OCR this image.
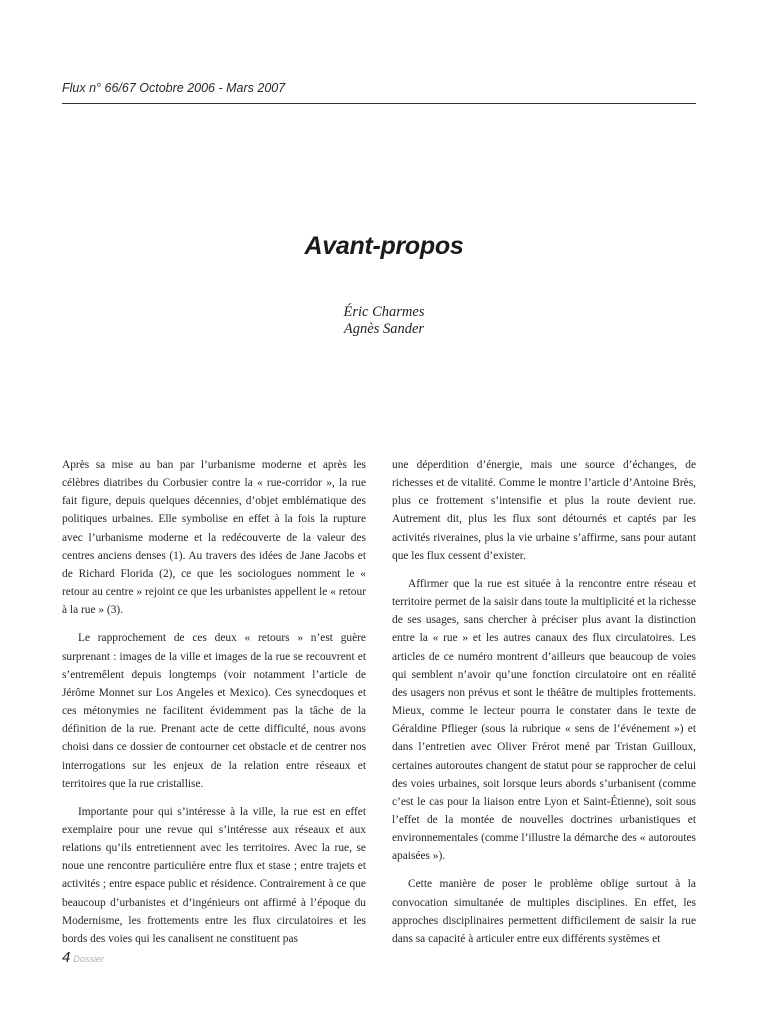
Flux n° 66/67 Octobre 2006 - Mars 2007
Avant-propos
Éric Charmes
Agnès Sander

Après sa mise au ban par l’urbanisme moderne et après les célèbres diatribes du Corbusier contre la « rue-corridor », la rue fait figure, depuis quelques décennies, d’objet emblématique des politiques urbaines. Elle symbolise en effet à la fois la rupture avec l’urbanisme moderne et la redécouverte de la valeur des centres anciens denses (1). Au travers des idées de Jane Jacobs et de Richard Florida (2), ce que les sociologues nomment le « retour au centre » rejoint ce que les urbanistes appellent le « retour à la rue » (3).

Le rapprochement de ces deux « retours » n’est guère surprenant : images de la ville et images de la rue se recouvrent et s’entremêlent depuis longtemps (voir notamment l’article de Jérôme Monnet sur Los Angeles et Mexico). Ces synecdoques et ces métonymies ne facilitent évidemment pas la tâche de la définition de la rue. Prenant acte de cette difficulté, nous avons choisi dans ce dossier de contourner cet obstacle et de centrer nos interrogations sur les enjeux de la relation entre réseaux et territoires que la rue cristallise.

Importante pour qui s’intéresse à la ville, la rue est en effet exemplaire pour une revue qui s’intéresse aux réseaux et aux relations qu’ils entretiennent avec les territoires. Avec la rue, se noue une rencontre particulière entre flux et stase ; entre trajets et activités ; entre espace public et résidence. Contrairement à ce que beaucoup d’urbanistes et d’ingénieurs ont affirmé à l’époque du Modernisme, les frottements entre les flux circulatoires et les bords des voies qui les canalisent ne constituent pas

une déperdition d’énergie, mais une source d’échanges, de richesses et de vitalité. Comme le montre l’article d’Antoine Brès, plus ce frottement s’intensifie et plus la route devient rue. Autrement dit, plus les flux sont détournés et captés par les activités riveraines, plus la vie urbaine s’affirme, sans pour autant que les flux cessent d’exister.

Affirmer que la rue est située à la rencontre entre réseau et territoire permet de la saisir dans toute la multiplicité et la richesse de ses usages, sans chercher à préciser plus avant la distinction entre la « rue » et les autres canaux des flux circulatoires. Les articles de ce numéro montrent d’ailleurs que beaucoup de voies qui semblent n’avoir qu’une fonction circulatoire ont en réalité des usagers non prévus et sont le théâtre de multiples frottements. Mieux, comme le lecteur pourra le constater dans le texte de Géraldine Pflieger (sous la rubrique « sens de l’événement ») et dans l’entretien avec Oliver Frérot mené par Tristan Guilloux, certaines autoroutes changent de statut pour se rapprocher de celui des voies urbaines, soit lorsque leurs abords s’urbanisent (comme c’est le cas pour la liaison entre Lyon et Saint-Étienne), soit sous l’effet de la montée de nouvelles doctrines urbanistiques et environnementales (comme l’illustre la démarche des « autoroutes apaisées »).

Cette manière de poser le problème oblige surtout à la convocation simultanée de multiples disciplines. En effet, les approches disciplinaires permettent difficilement de saisir la rue dans sa capacité à articuler entre eux différents systèmes et

4 Dossier
